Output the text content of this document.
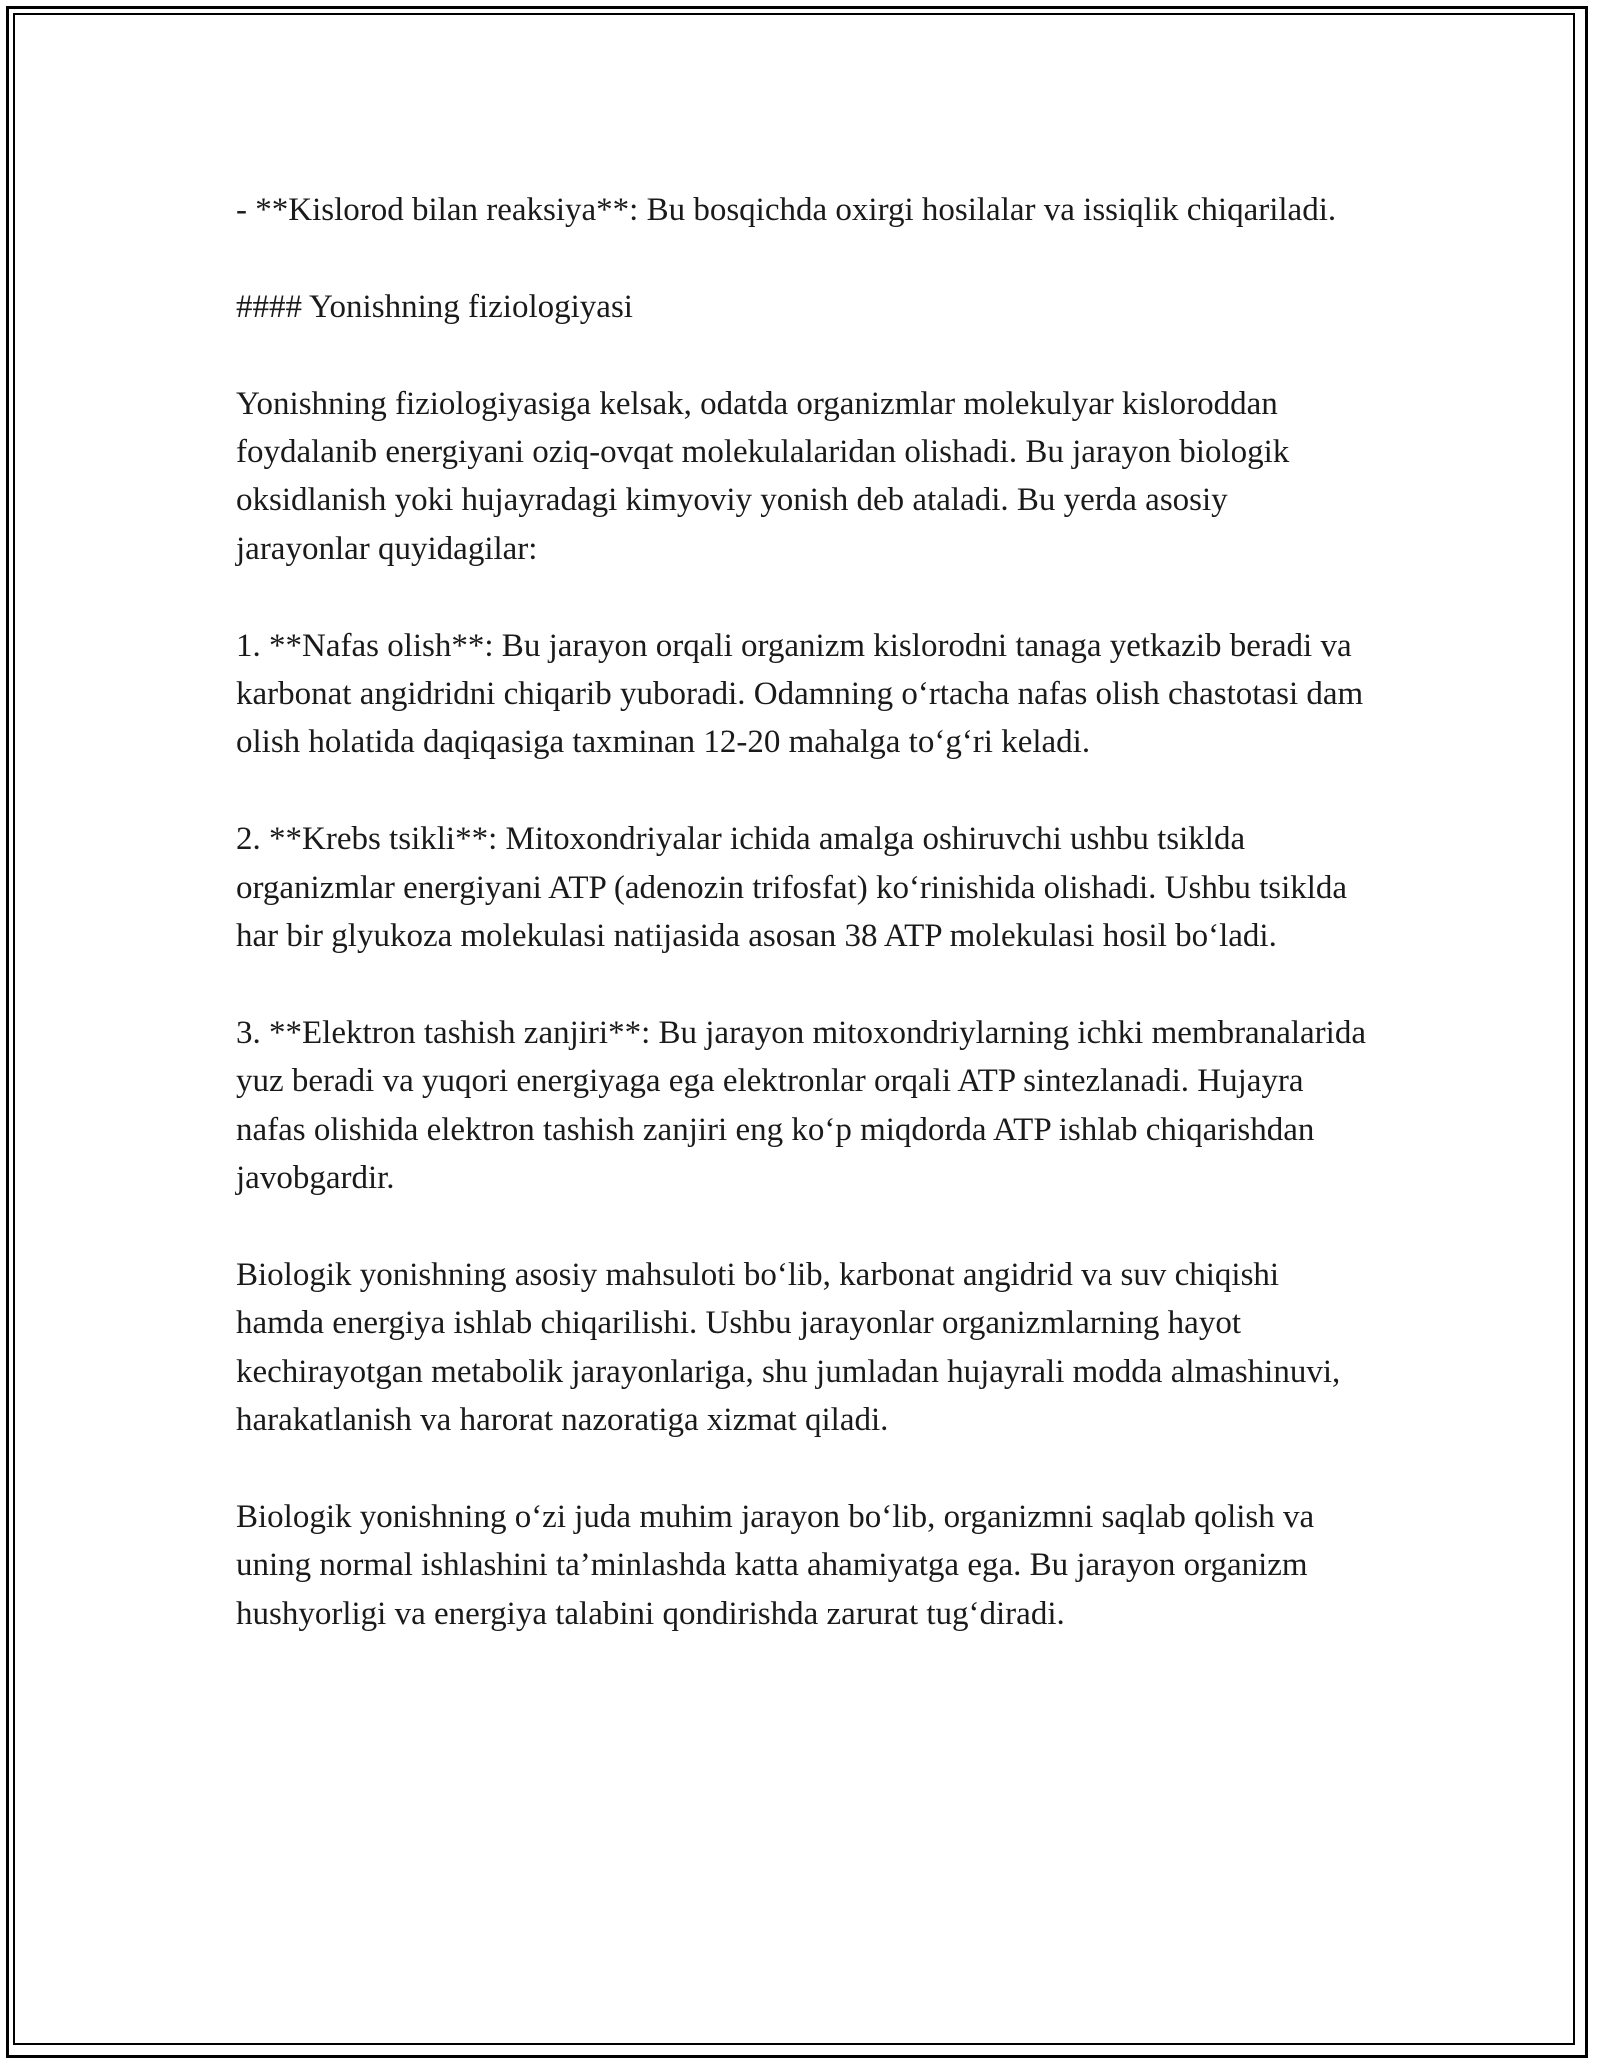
- **Kislorod bilan reaksiya**: Bu bosqichda oxirgi hosilalar va issiqlik chiqariladi.

#### Yonishning fiziologiyasi

Yonishning fiziologiyasiga kelsak, odatda organizmlar molekulyar kisloroddan foydalanib energiyani oziq-ovqat molekulalaridan olishadi. Bu jarayon biologik oksidlanish yoki hujayradagi kimyoviy yonish deb ataladi. Bu yerda asosiy jarayonlar quyidagilar:

1. **Nafas olish**: Bu jarayon orqali organizm kislorodni tanaga yetkazib beradi va karbonat angidridni chiqarib yuboradi. Odamning o‘rtacha nafas olish chastotasi dam olish holatida daqiqasiga taxminan 12-20 mahalga to‘g‘ri keladi.

2. **Krebs tsikli**: Mitoxondriyalar ichida amalga oshiruvchi ushbu tsiklda organizmlar energiyani ATP (adenozin trifosfat) ko‘rinishida olishadi. Ushbu tsiklda har bir glyukoza molekulasi natijasida asosan 38 ATP molekulasi hosil bo‘ladi.

3. **Elektron tashish zanjiri**: Bu jarayon mitoxondriylarning ichki membranalarida yuz beradi va yuqori energiyaga ega elektronlar orqali ATP sintezlanadi. Hujayra nafas olishida elektron tashish zanjiri eng ko‘p miqdorda ATP ishlab chiqarishdan javobgardir.

Biologik yonishning asosiy mahsuloti bo‘lib, karbonat angidrid va suv chiqishi hamda energiya ishlab chiqarilishi. Ushbu jarayonlar organizmlarning hayot kechirayotgan metabolik jarayonlariga, shu jumladan hujayrali modda almashinuvi, harakatlanish va harorat nazoratiga xizmat qiladi.

Biologik yonishning o‘zi juda muhim jarayon bo‘lib, organizmni saqlab qolish va uning normal ishlashini ta’minlashda katta ahamiyatga ega. Bu jarayon organizm hushyorligi va energiya talabini qondirishda zarurat tug‘diradi.
